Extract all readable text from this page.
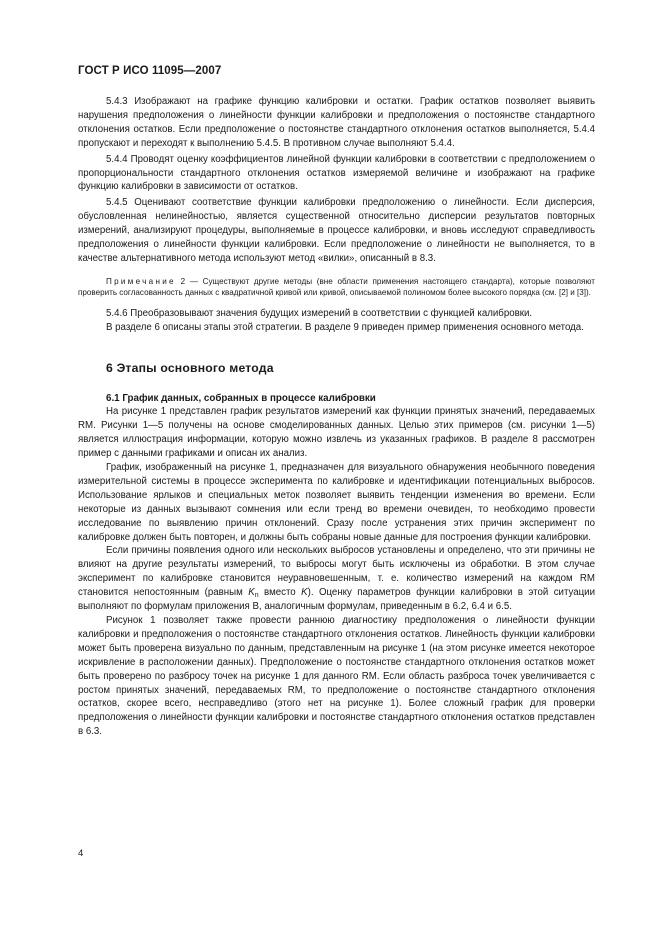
ГОСТ Р ИСО 11095—2007

5.4.3 Изображают на графике функцию калибровки и остатки. График остатков позволяет выявить нарушения предположения о линейности функции калибровки и предположения о постоянстве стандартного отклонения остатков. Если предположение о постоянстве стандартного отклонения остатков выполняется, 5.4.4 пропускают и переходят к выполнению 5.4.5. В противном случае выполняют 5.4.4.

5.4.4 Проводят оценку коэффициентов линейной функции калибровки в соответствии с предположением о пропорциональности стандартного отклонения остатков измеряемой величине и изображают на графике функцию калибровки в зависимости от остатков.

5.4.5 Оценивают соответствие функции калибровки предположению о линейности. Если дисперсия, обусловленная нелинейностью, является существенной относительно дисперсии результатов повторных измерений, анализируют процедуры, выполняемые в процессе калибровки, и вновь исследуют справедливость предположения о линейности функции калибровки. Если предположение о линейности не выполняется, то в качестве альтернативного метода используют метод «вилки», описанный в 8.3.

Примечание 2 — Существуют другие методы (вне области применения настоящего стандарта), которые позволяют проверить согласованность данных с квадратичной кривой или кривой, описываемой полиномом более высокого порядка (см. [2] и [3]).

5.4.6 Преобразовывают значения будущих измерений в соответствии с функцией калибровки.

В разделе 6 описаны этапы этой стратегии. В разделе 9 приведен пример применения основного метода.

6 Этапы основного метода
6.1 График данных, собранных в процессе калибровки

На рисунке 1 представлен график результатов измерений как функции принятых значений, передаваемых RM. Рисунки 1—5 получены на основе смоделированных данных. Целью этих примеров (см. рисунки 1—5) является иллюстрация информации, которую можно извлечь из указанных графиков. В разделе 8 рассмотрен пример с данными графиками и описан их анализ.

График, изображенный на рисунке 1, предназначен для визуального обнаружения необычного поведения измерительной системы в процессе эксперимента по калибровке и идентификации потенциальных выбросов. Использование ярлыков и специальных меток позволяет выявить тенденции изменения во времени. Если некоторые из данных вызывают сомнения или если тренд во времени очевиден, то необходимо провести исследование по выявлению причин отклонений. Сразу после устранения этих причин эксперимент по калибровке должен быть повторен, и должны быть собраны новые данные для построения функции калибровки.

Если причины появления одного или нескольких выбросов установлены и определено, что эти причины не влияют на другие результаты измерений, то выбросы могут быть исключены из обработки. В этом случае эксперимент по калибровке становится неуравновешенным, т. е. количество измерений на каждом RM становится непостоянным (равным $K_n$ вместо K). Оценку параметров функции калибровки в этой ситуации выполняют по формулам приложения В, аналогичным формулам, приведенным в 6.2, 6.4 и 6.5.

Рисунок 1 позволяет также провести раннюю диагностику предположения о линейности функции калибровки и предположения о постоянстве стандартного отклонения остатков. Линейность функции калибровки может быть проверена визуально по данным, представленным на рисунке 1 (на этом рисунке имеется некоторое искривление в расположении данных). Предположение о постоянстве стандартного отклонения остатков может быть проверено по разбросу точек на рисунке 1 для данного RM. Если область разброса точек увеличивается с ростом принятых значений, передаваемых RM, то предположение о постоянстве стандартного отклонения остатков, скорее всего, несправедливо (этого нет на рисунке 1). Более сложный график для проверки предположения о линейности функции калибровки и постоянстве стандартного отклонения остатков представлен в 6.3.

4
